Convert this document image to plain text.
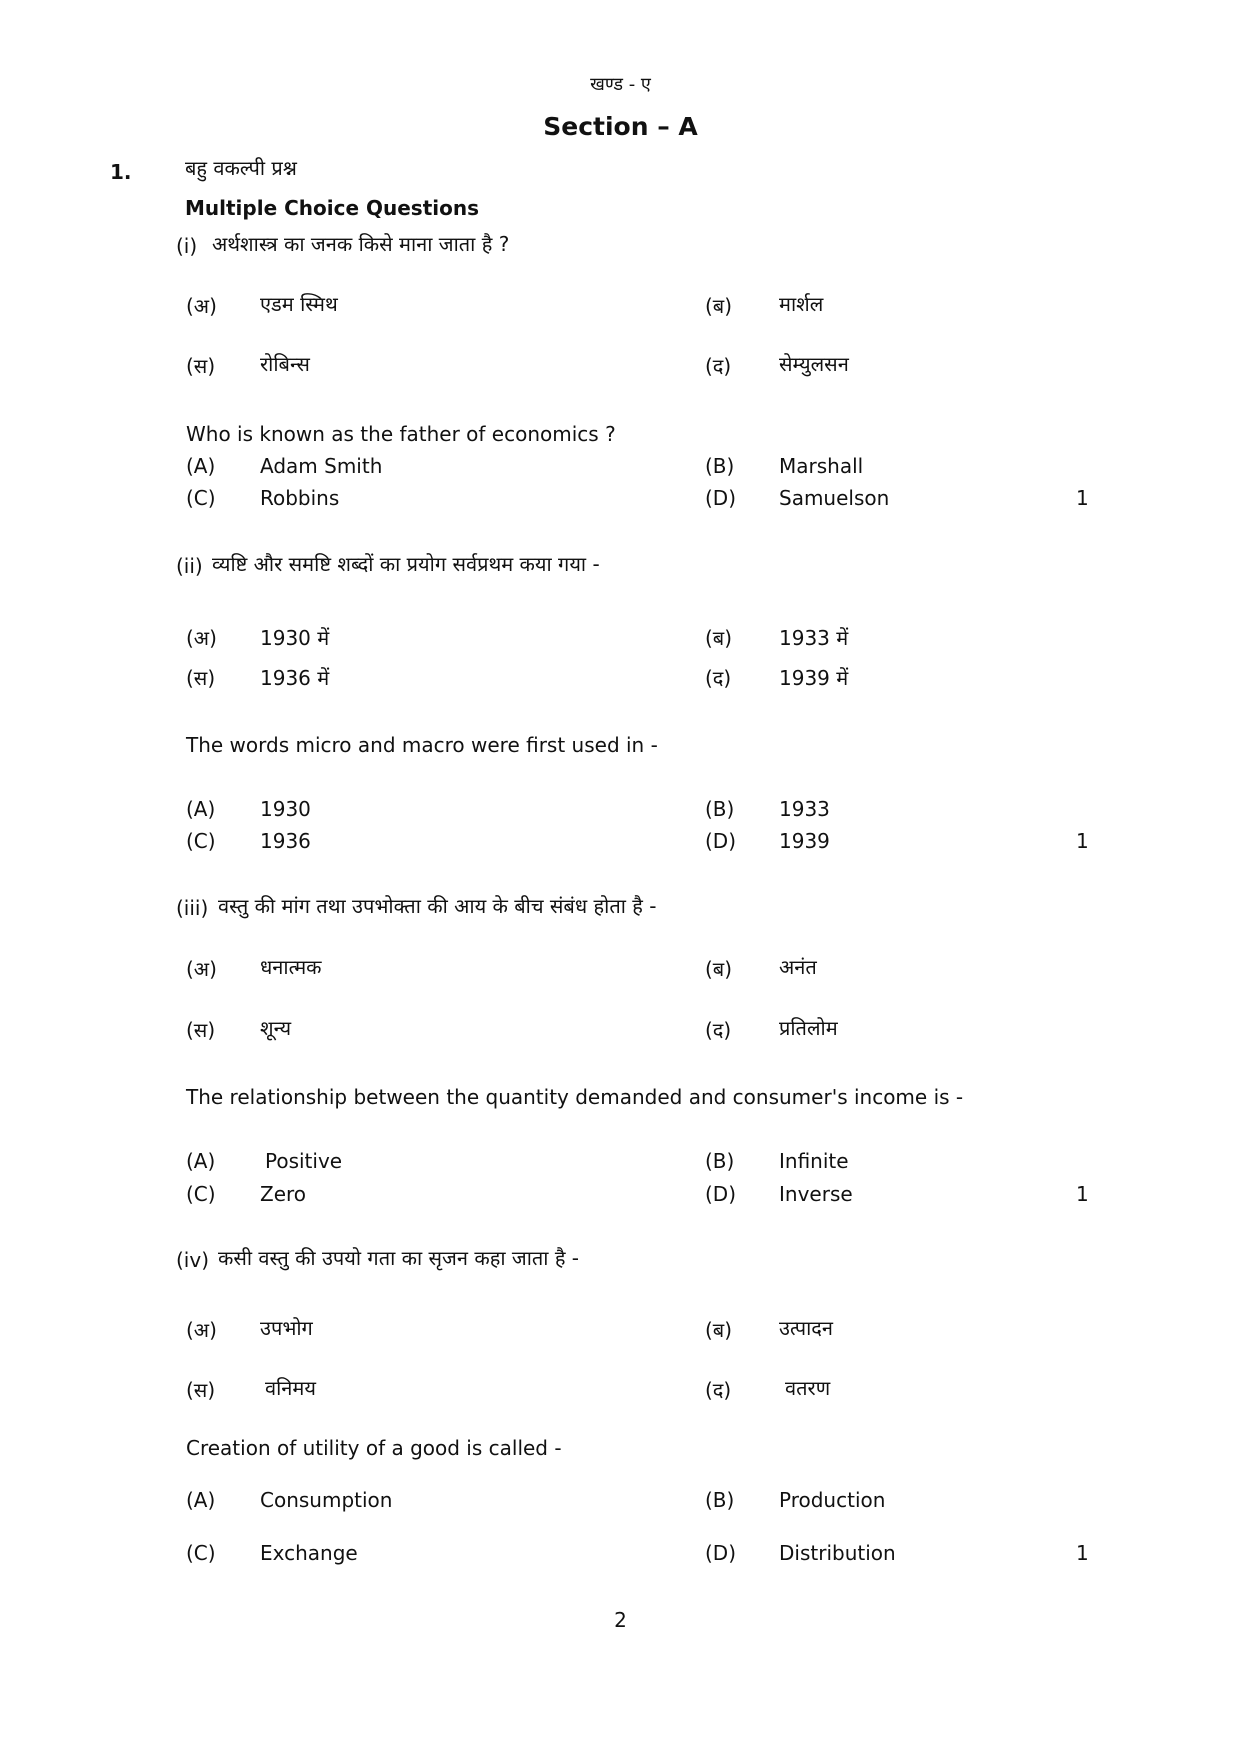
खण्ड - ए
Section – A
1.	बहु वकल्पी प्रश्न
Multiple Choice Questions
(i) अर्थशास्त्र का जनक किसे माना जाता है ?
(अ) एडम स्मिथ	(ब) मार्शल
(स) रोबिन्स	(द) सेम्युलसन
Who is known as the father of economics ?
(A) Adam Smith	(B) Marshall
(C) Robbins	(D) Samuelson	1
(ii) व्यष्टि और समष्टि शब्दों का प्रयोग सर्वप्रथम कया गया -
(अ) 1930 में	(ब) 1933 में
(स) 1936 में	(द) 1939 में
The words micro and macro were first used in -
(A) 1930	(B) 1933
(C) 1936	(D) 1939	1
(iii) वस्तु की मांग तथा उपभोक्ता की आय के बीच संबंध होता है -
(अ) धनात्मक	(ब) अनंत
(स) शून्य	(द) प्रतिलोम
The relationship between the quantity demanded and consumer's income is -
(A) Positive	(B) Infinite
(C) Zero	(D) Inverse	1
(iv) कसी वस्तु की उपयो गता का सृजन कहा जाता है -
(अ) उपभोग	(ब) उत्पादन
(स) वनिमय	(द)	वतरण
Creation of utility of a good is called -
(A) Consumption	(B) Production
(C) Exchange	(D) Distribution	1
2
